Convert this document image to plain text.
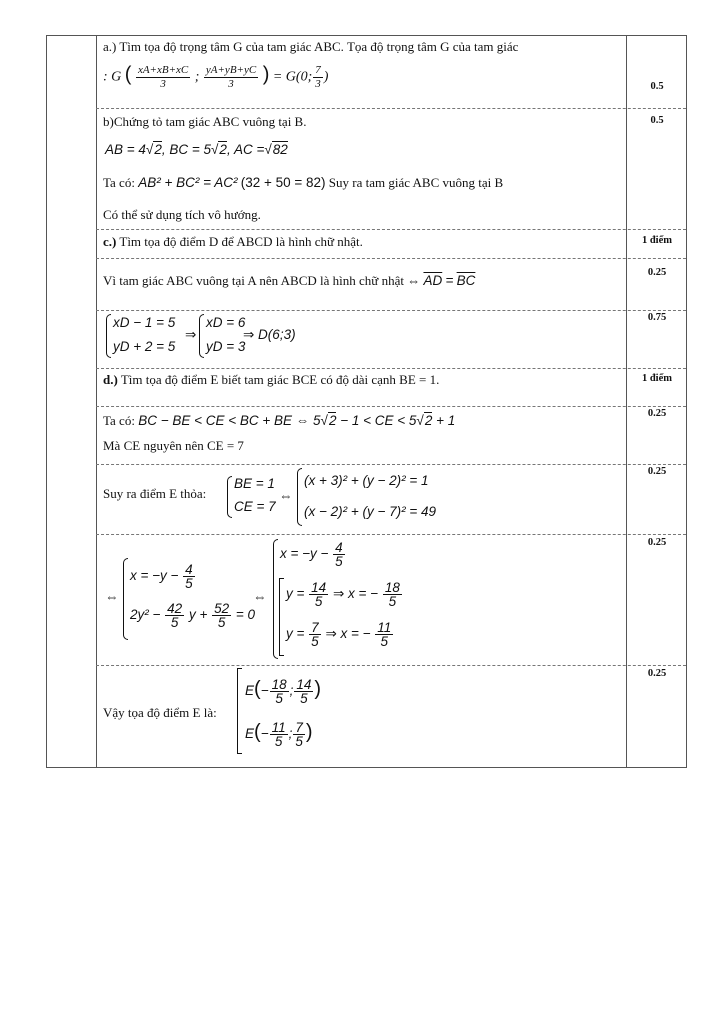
a.) Tìm tọa độ trọng tâm G của tam giác ABC. Tọa độ trọng tâm G của tam giác
: G ( $\frac{xA+xB+xC}{3}$ ; $\frac{yA+yB+yC}{3}$ ) = G(0; $\frac{7}{3}$ )
0.5
b)Chứng tỏ tam giác ABC vuông tại B.
AB = 4√2, BC = 5√2, AC =√82
Ta có: AB² + BC² = AC² (32 + 50 = 82) Suy ra tam giác ABC vuông tại B
Có thể sử dụng tích vô hướng.
0.5
c.) Tìm tọa độ điểm D để ABCD là hình chữ nhật.	1 điểm
Vì tam giác ABC vuông tại A nên ABCD là hình chữ nhật ⇔ $\overline{AD} = \overline{BC}$
0.25
xD − 1 = 5
yD + 2 = 5
⇒
xD = 6
yD = 3
⇒ D(6;3)
0.75
d.) Tìm tọa độ điểm E biết tam giác BCE có độ dài cạnh BE = 1.	1 điểm
Ta có: BC − BE < CE < BC + BE ⇔ 5√2 − 1 < CE < 5√2 + 1
Mà CE nguyên nên CE = 7
0.25
Suy ra điểm E thỏa:
BE = 1
CE = 7
⇔
(x + 3)² + (y − 2)² = 1
(x − 2)² + (y − 7)² = 49
0.25
⇔
$x = -y - \frac{4}{5}$
$2y^2 - \frac{42}{5}$ $y + \frac{52}{5} = 0$
⇔
$x = -y - \frac{4}{5}$
$y = \frac{14}{5}$ ⇒ x = − $\frac{18}{5}$
$y = \frac{7}{5}$ ⇒ x = − $\frac{11}{5}$
0.25
Vậy tọa độ điểm E là:
$E(- \frac{18}{5}$ ; $\frac{14}{5}$ )
$E(- \frac{11}{5}$ ; $\frac{7}{5}$ )
0.25
